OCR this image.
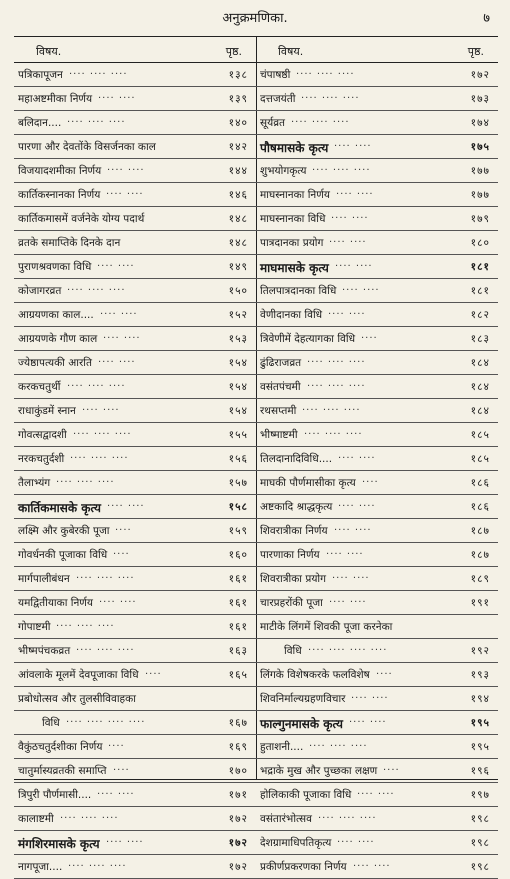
अनुक्रमणिका.	७
विषय.	पृष्ठ.
पत्रिकापूजन .... .... ....	१३८
महाअष्टमीका निर्णय .... ....	१३९
बलिदान.... .... .... ....	१४०
पारणा और देवतोंके विसर्जनका काल	१४२
विजयादशमीका निर्णय .... ....	१४४
कार्तिकस्नानका निर्णय .... ....	१४६
कार्तिकमासमें वर्जनेके योग्य पदार्थ	१४८
व्रतके समाप्तिके दिनके दान	१४८
पुराणश्रवणका विधि .... ....	१४९
कोजागरव्रत .... .... ....	१५०
आग्रयणका काल.... .... ....	१५२
आग्रयणके गौण काल .... ....	१५३
ज्येष्ठापत्यकी आरति .... ....	१५४
करकचतुर्थी .... .... ....	१५४
राधाकुंडमें स्नान .... ....	१५४
गोवत्सद्वादशी .... .... ....	१५५
नरकचतुर्दशी .... .... ....	१५६
तैलाभ्यंग .... .... ....	१५७
कार्तिकमासके कृत्य .... ....	१५८
लक्ष्मि और कुबेरकी पूजा ....	१५९
गोवर्धनकी पूजाका विधि ....	१६०
मार्गपालीबंधन .... .... ....	१६१
यमद्वितीयाका निर्णय .... ....	१६१
गोपाष्टमी .... .... ....	१६१
भीष्मपंचकव्रत .... .... ....	१६३
आंवलाके मूलमें देवपूजाका विधि ....	१६५
प्रबोधोत्सव और तुलसीविवाहका
विधि .... .... .... ....	१६७
वैकुंठचतुर्दशीका निर्णय ....	१६९
चातुर्मास्यव्रतकी समाप्ति ....	१७०
त्रिपुरी पौर्णमासी.... .... ....	१७१
कालाष्टमी .... .... ....	१७२
मंगशिरमासके कृत्य .... ....	१७२
नागपूजा.... .... .... ....	१७२
विषय.	पृष्ठ.
चंपाषष्ठी .... .... ....	१७२
दत्तजयंती .... .... ....	१७३
सूर्यव्रत .... .... ....	१७४
पौषमासके कृत्य .... ....	१७५
शुभयोगकृत्य .... .... ....	१७७
माघस्नानका निर्णय .... ....	१७७
माघस्नानका विधि .... ....	१७९
पात्रदानका प्रयोग .... ....	१८०
माघमासके कृत्य .... ....	१८१
तिलपात्रदानका विधि .... ....	१८१
वेणीदानका विधि .... ....	१८२
त्रिवेणीमें देहत्यागका विधि ....	१८३
ढुंढिराजव्रत .... .... ....	१८४
वसंतपंचमी .... .... ....	१८४
रथसप्तमी .... .... ....	१८४
भीष्माष्टमी .... .... ....	१८५
तिलदानादिविधि.... .... ....	१८५
माघकी पौर्णमासीका कृत्य ....	१८६
अष्टकादि श्राद्धकृत्य .... ....	१८६
शिवरात्रीका निर्णय .... ....	१८७
पारणाका निर्णय .... ....	१८७
शिवरात्रीका प्रयोग .... ....	१८९
चारप्रहरोंकी पूजा .... ....	१९१
माटीके लिंगमें शिवकी पूजा करनेका
विधि .... .... .... ....	१९२
लिंगके विशेषकरके फलविशेष ....	१९३
शिवनिर्माल्यग्रहणविचार .... ....	१९४
फाल्गुनमासके कृत्य .... ....	१९५
हुताशनी.... .... .... ....	१९५
भद्राके मुख और पुच्छका लक्षण ....	१९६
होलिकाकी पूजाका विधि .... ....	१९७
वसंतारंभोत्सव .... .... ....	१९८
देशग्रामाधिपतिकृत्य .... ....	१९८
प्रकीर्णप्रकरणका निर्णय .... ....	१९८
